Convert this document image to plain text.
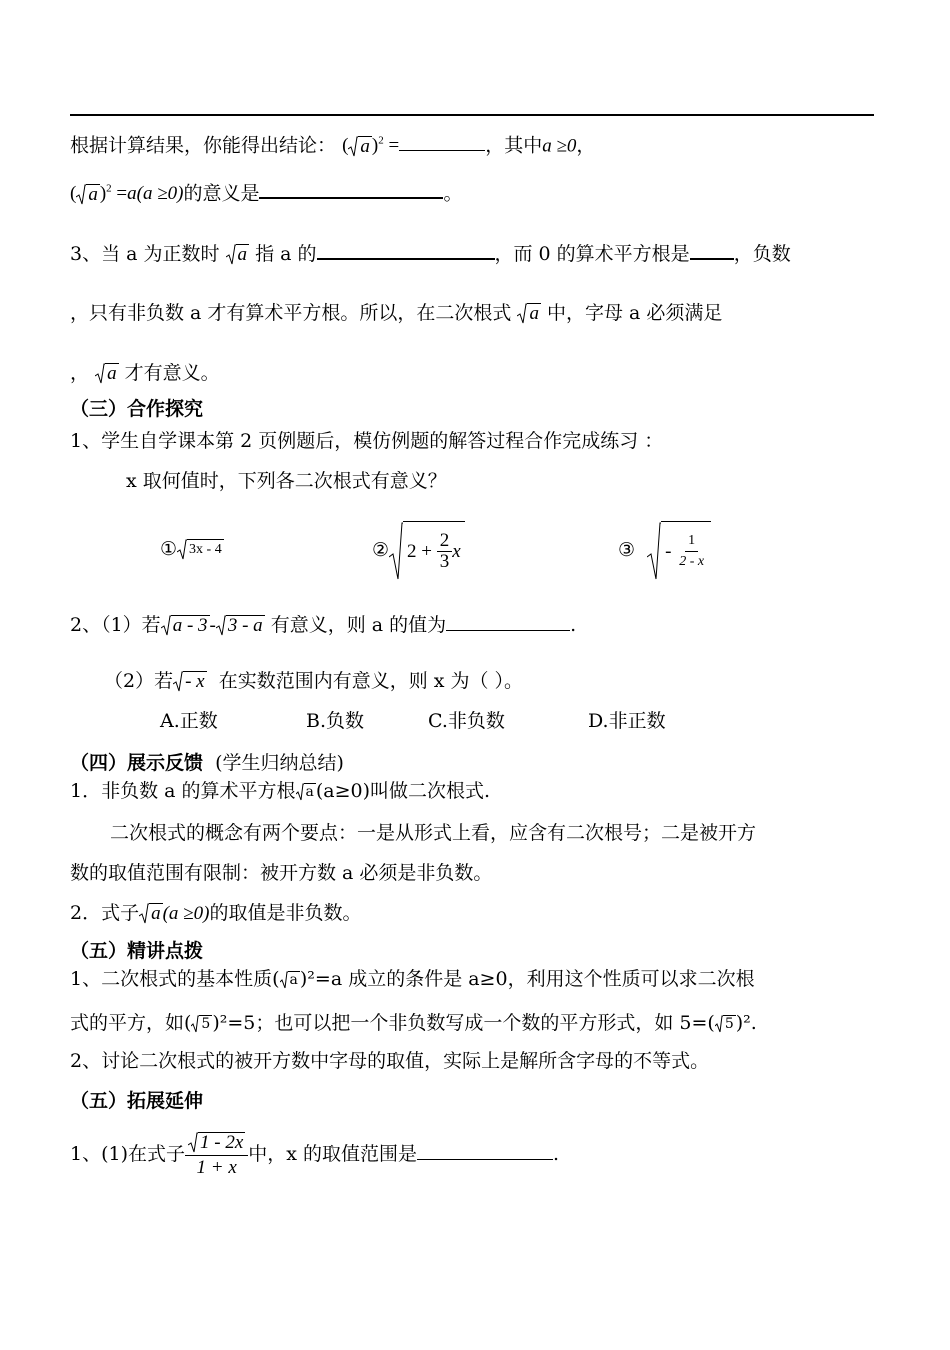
根据计算结果，你能得出结论： ( a )$^2$ =	，其中a ≥0，
( a )$^2$ =a(a ≥0)的意义是	。
3、当 a 为正数时 a 指 a 的	，而 0 的算术平方根是 ，负数
，只有非负数 a 才有算术平方根。所以，在二次根式 a 中，字母 a 必须满足
， a 才有意义。
（三）合作探究
1、学生自学课本第 2 页例题后，模仿例题的解答过程合作完成练习 ：
x 取何值时，下列各二次根式有意义？
① 3x - 4	② 2 +
$\frac{2}{3}$ x	③ -
$\frac{1}{2 - x}$
2、（1）若 a - 3 - 3 - a 有意义，则 a 的值为	.
（2）若 - x 在实数范围内有意义，则 x 为（ ）。
A.正数	B.负数	C.非负数	D.非正数
（四）展示反馈 (学生归纳总结)
1．非负数 a 的算术平方根 a (a≥0)叫做二次根式.
二次根式的概念有两个要点：一是从形式上看，应含有二次根号；二是被开方
数的取值范围有限制：被开方数 a 必须是非负数。
2．式子 a (a ≥0)的取值是非负数。
（五）精讲点拨
1、二次根式的基本性质( a )²=a 成立的条件是 a≥0，利用这个性质可以求二次根
式的平方，如( 5 )²=5；也可以把一个非负数写成一个数的平方形式，如 5=( 5 )².
2、讨论二次根式的被开方数中字母的取值，实际上是解所含字母的不等式。
（五）拓展延伸
1、(1)在式子 $\frac{1 - 2x}{1 + x}$ 中，x 的取值范围是	.
